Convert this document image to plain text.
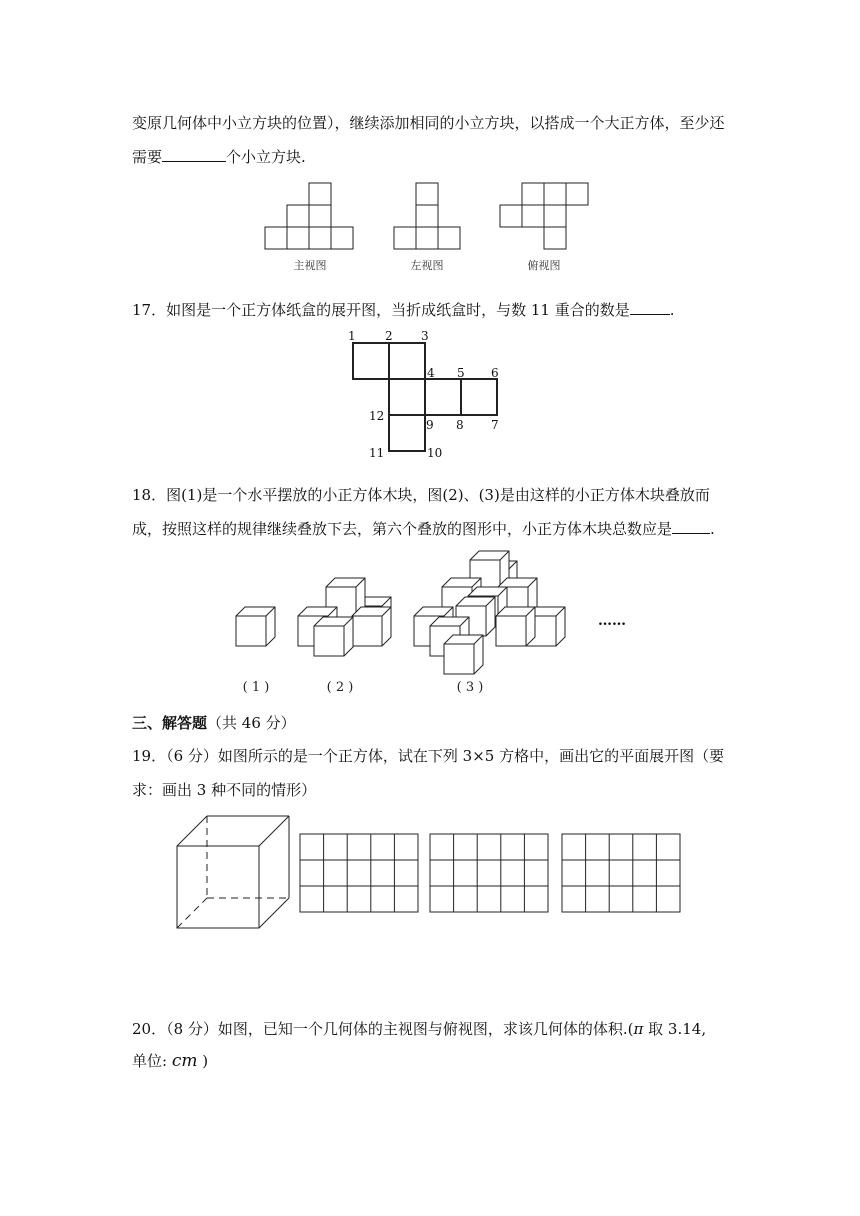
变原几何体中小立方块的位置），继续添加相同的小立方块，以搭成一个大正方体，至少还
需要	个小立方块.
主视图	左视图	俯视图
17．如图是一个正方体纸盒的展开图，当折成纸盒时，与数 11 重合的数是	.
1 2 3
4 5 6
7
8
9
10
11
12
18．图(1)是一个水平摆放的小正方体木块，图(2)、(3)是由这样的小正方体木块叠放而
成，按照这样的规律继续叠放下去，第六个叠放的图形中，小正方体木块总数应是	.
……
( 1 )	( 2 )	( 3 )
三、解答题（共 46 分）
19．（6 分）如图所示的是一个正方体，试在下列 3×5 方格中，画出它的平面展开图（要
求：画出 3 种不同的情形）
20．（8 分）如图，已知一个几何体的主视图与俯视图，求该几何体的体积.(π 取 3.14,
单位: cm )
